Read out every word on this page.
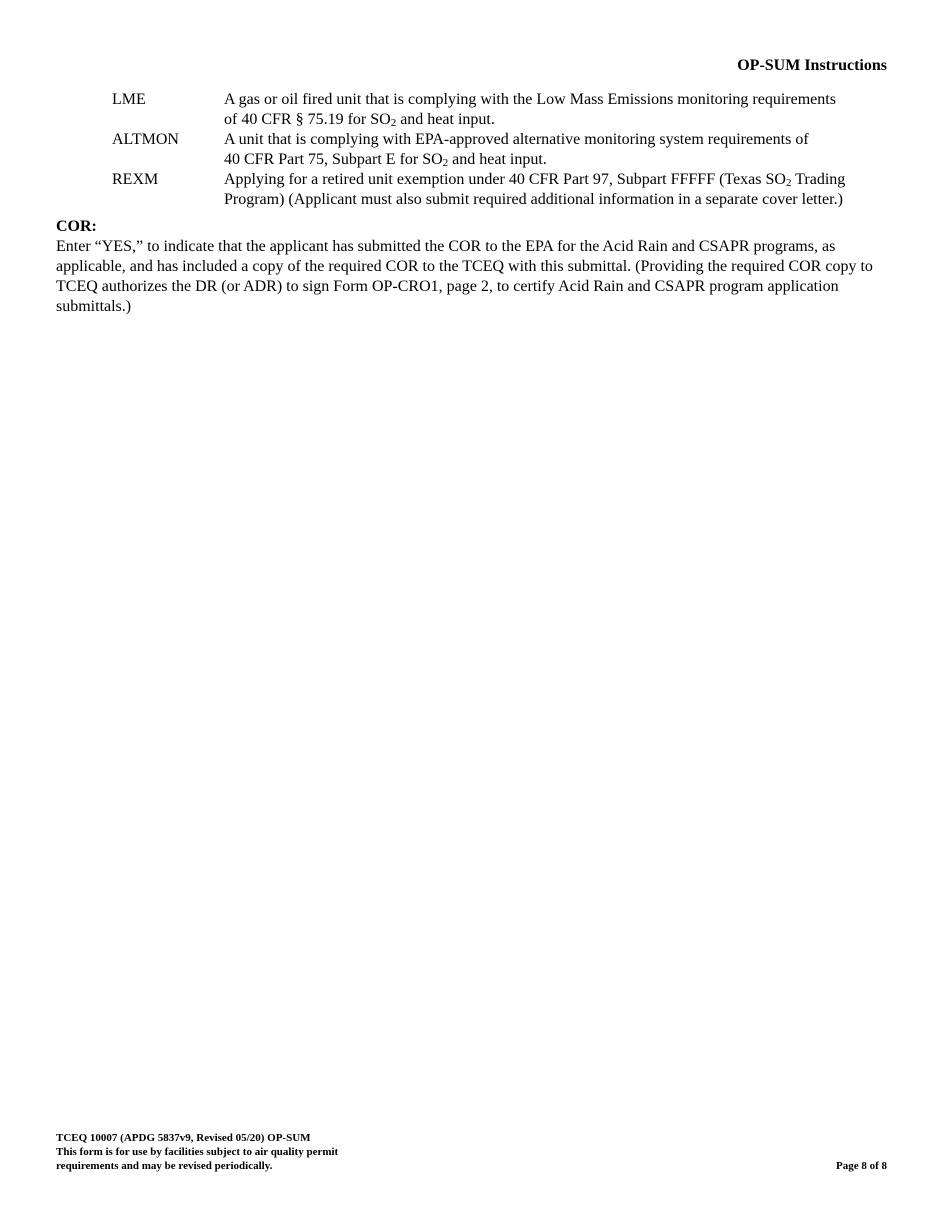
OP-SUM Instructions
LME	A gas or oil fired unit that is complying with the Low Mass Emissions monitoring requirements
of 40 CFR § 75.19 for $SO_2$ and heat input.
ALTMON	A unit that is complying with EPA-approved alternative monitoring system requirements of
40 CFR Part 75, Subpart E for $SO_2$ and heat input.
REXM	Applying for a retired unit exemption under 40 CFR Part 97, Subpart FFFFF (Texas $SO_2$ Trading
Program) (Applicant must also submit required additional information in a separate cover letter.)
COR:
Enter “YES,” to indicate that the applicant has submitted the COR to the EPA for the Acid Rain and CSAPR programs, as applicable, and has included a copy of the required COR to the TCEQ with this submittal. (Providing the required COR copy to TCEQ authorizes the DR (or ADR) to sign Form OP-CRO1, page 2, to certify Acid Rain and CSAPR program application submittals.)
TCEQ 10007 (APDG 5837v9, Revised 05/20) OP-SUM
This form is for use by facilities subject to air quality permit
requirements and may be revised periodically.	Page 8 of 8
